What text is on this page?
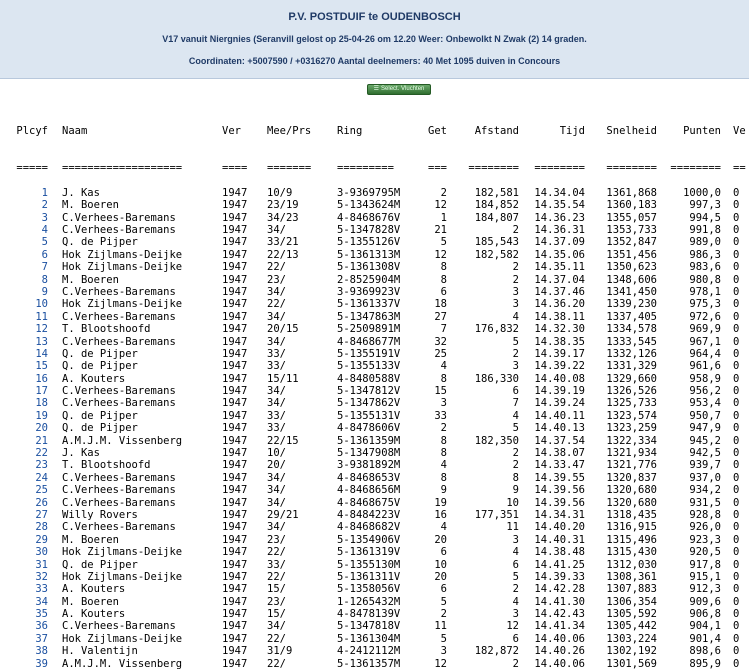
P.V. POSTDUIF te OUDENBOSCH
V17 vanuit Niergnies (Seranvill gelost op 25-04-26 om 12.20 Weer: Onbewolkt N Zwak (2) 14 graden.
Coordinaten: +5007590 / +0316270 Aantal deelnemers: 40 Met 1095 duiven in Concours
☰ Select. Vluchten

Plcyf	Naam	Ver	Mee/Prs	Ring	Get	Afstand	Tijd	Snelheid	Punten	Ve

=====	===================	====	=======	=========	===	========	========	========	========	==

1	J. Kas	1947	10/9	3-9369795M	2	182,581	14.34.04	1361,868	1000,0	0
2	M. Boeren	1947	23/19	5-1343624M	12	184,852	14.35.54	1360,183	997,3	0
3	C.Verhees-Baremans	1947	34/23	4-8468676V	1	184,807	14.36.23	1355,057	994,5	0
4	C.Verhees-Baremans	1947	34/	5-1347828V	21	2	14.36.31	1353,733	991,8	0
5	Q. de Pijper	1947	33/21	5-1355126V	5	185,543	14.37.09	1352,847	989,0	0
6	Hok Zijlmans-Deijke	1947	22/13	5-1361313M	12	182,582	14.35.06	1351,456	986,3	0
7	Hok Zijlmans-Deijke	1947	22/	5-1361308V	8	2	14.35.11	1350,623	983,6	0
8	M. Boeren	1947	23/	2-8525904M	8	2	14.37.04	1348,606	980,8	0
9	C.Verhees-Baremans	1947	34/	3-9369923V	6	3	14.37.46	1341,450	978,1	0
10	Hok Zijlmans-Deijke	1947	22/	5-1361337V	18	3	14.36.20	1339,230	975,3	0
11	C.Verhees-Baremans	1947	34/	5-1347863M	27	4	14.38.11	1337,405	972,6	0
12	T. Blootshoofd	1947	20/15	5-2509891M	7	176,832	14.32.30	1334,578	969,9	0
13	C.Verhees-Baremans	1947	34/	4-8468677M	32	5	14.38.35	1333,545	967,1	0
14	Q. de Pijper	1947	33/	5-1355191V	25	2	14.39.17	1332,126	964,4	0
15	Q. de Pijper	1947	33/	5-1355133V	4	3	14.39.22	1331,329	961,6	0
16	A. Kouters	1947	15/11	4-8480588V	8	186,330	14.40.08	1329,660	958,9	0
17	C.Verhees-Baremans	1947	34/	5-1347812V	15	6	14.39.19	1326,526	956,2	0
18	C.Verhees-Baremans	1947	34/	5-1347862V	3	7	14.39.24	1325,733	953,4	0
19	Q. de Pijper	1947	33/	5-1355131V	33	4	14.40.11	1323,574	950,7	0
20	Q. de Pijper	1947	33/	4-8478606V	2	5	14.40.13	1323,259	947,9	0
21	A.M.J.M. Vissenberg	1947	22/15	5-1361359M	8	182,350	14.37.54	1322,334	945,2	0
22	J. Kas	1947	10/	5-1347908M	8	2	14.38.07	1321,934	942,5	0
23	T. Blootshoofd	1947	20/	3-9381892M	4	2	14.33.47	1321,776	939,7	0
24	C.Verhees-Baremans	1947	34/	4-8468653V	8	8	14.39.55	1320,837	937,0	0
25	C.Verhees-Baremans	1947	34/	4-8468656M	9	9	14.39.56	1320,680	934,2	0
26	C.Verhees-Baremans	1947	34/	4-8468675V	19	10	14.39.56	1320,680	931,5	0
27	Willy Rovers	1947	29/21	4-8484223V	16	177,351	14.34.31	1318,435	928,8	0
28	C.Verhees-Baremans	1947	34/	4-8468682V	4	11	14.40.20	1316,915	926,0	0
29	M. Boeren	1947	23/	5-1354906V	20	3	14.40.31	1315,496	923,3	0
30	Hok Zijlmans-Deijke	1947	22/	5-1361319V	6	4	14.38.48	1315,430	920,5	0
31	Q. de Pijper	1947	33/	5-1355130M	10	6	14.41.25	1312,030	917,8	0
32	Hok Zijlmans-Deijke	1947	22/	5-1361311V	20	5	14.39.33	1308,361	915,1	0
33	A. Kouters	1947	15/	5-1358056V	6	2	14.42.28	1307,883	912,3	0
34	M. Boeren	1947	23/	1-1265432M	5	4	14.41.30	1306,354	909,6	0
35	A. Kouters	1947	15/	4-8478139V	2	3	14.42.43	1305,592	906,8	0
36	C.Verhees-Baremans	1947	34/	5-1347818V	11	12	14.41.34	1305,442	904,1	0
37	Hok Zijlmans-Deijke	1947	22/	5-1361304M	5	6	14.40.06	1303,224	901,4	0
38	H. Valentijn	1947	31/9	4-2412112M	3	182,872	14.40.26	1302,192	898,6	0
39	A.M.J.M. Vissenberg	1947	22/	5-1361357M	12	2	14.40.06	1301,569	895,9	0
